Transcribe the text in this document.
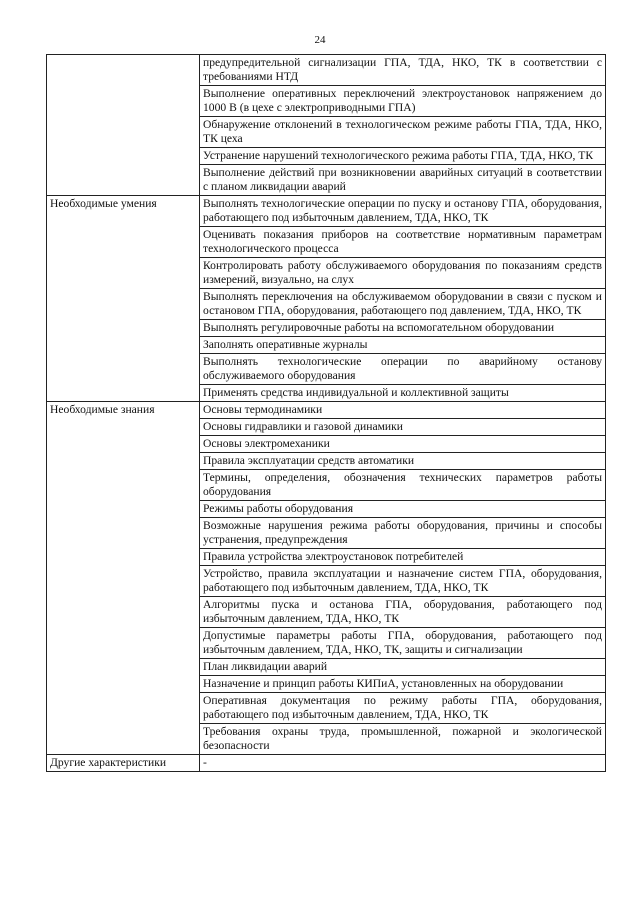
24
	предупредительной сигнализации ГПА, ТДА, НКО, ТК в соответствии с требованиями НТД
	Выполнение оперативных переключений электроустановок напряжением до 1000 В (в цехе с электроприводными ГПА)
	Обнаружение отклонений в технологическом режиме работы ГПА, ТДА, НКО, ТК цеха
	Устранение нарушений технологического режима работы ГПА, ТДА, НКО, ТК
	Выполнение действий при возникновении аварийных ситуаций в соответствии с планом ликвидации аварий
Необходимые умения	Выполнять технологические операции по пуску и останову ГПА, оборудования, работающего под избыточным давлением, ТДА, НКО, ТК
	Оценивать показания приборов на соответствие нормативным параметрам технологического процесса
	Контролировать работу обслуживаемого оборудования по показаниям средств измерений, визуально, на слух
	Выполнять переключения на обслуживаемом оборудовании в связи с пуском и остановом ГПА, оборудования, работающего под давлением, ТДА, НКО, ТК
	Выполнять регулировочные работы на вспомогательном оборудовании
	Заполнять оперативные журналы
	Выполнять технологические операции по аварийному останову обслуживаемого оборудования
	Применять средства индивидуальной и коллективной защиты
Необходимые знания	Основы термодинамики
	Основы гидравлики и газовой динамики
	Основы электромеханики
	Правила эксплуатации средств автоматики
	Термины, определения, обозначения технических параметров работы оборудования
	Режимы работы оборудования
	Возможные нарушения режима работы оборудования, причины и способы устранения, предупреждения
	Правила устройства электроустановок потребителей
	Устройство, правила эксплуатации и назначение систем ГПА, оборудования, работающего под избыточным давлением, ТДА, НКО, ТК
	Алгоритмы пуска и останова ГПА, оборудования, работающего под избыточным давлением, ТДА, НКО, ТК
	Допустимые параметры работы ГПА, оборудования, работающего под избыточным давлением, ТДА, НКО, ТК, защиты и сигнализации
	План ликвидации аварий
	Назначение и принцип работы КИПиА, установленных на оборудовании
	Оперативная документация по режиму работы ГПА, оборудования, работающего под избыточным давлением, ТДА, НКО, ТК
	Требования охраны труда, промышленной, пожарной и экологической безопасности
Другие характеристики	-
